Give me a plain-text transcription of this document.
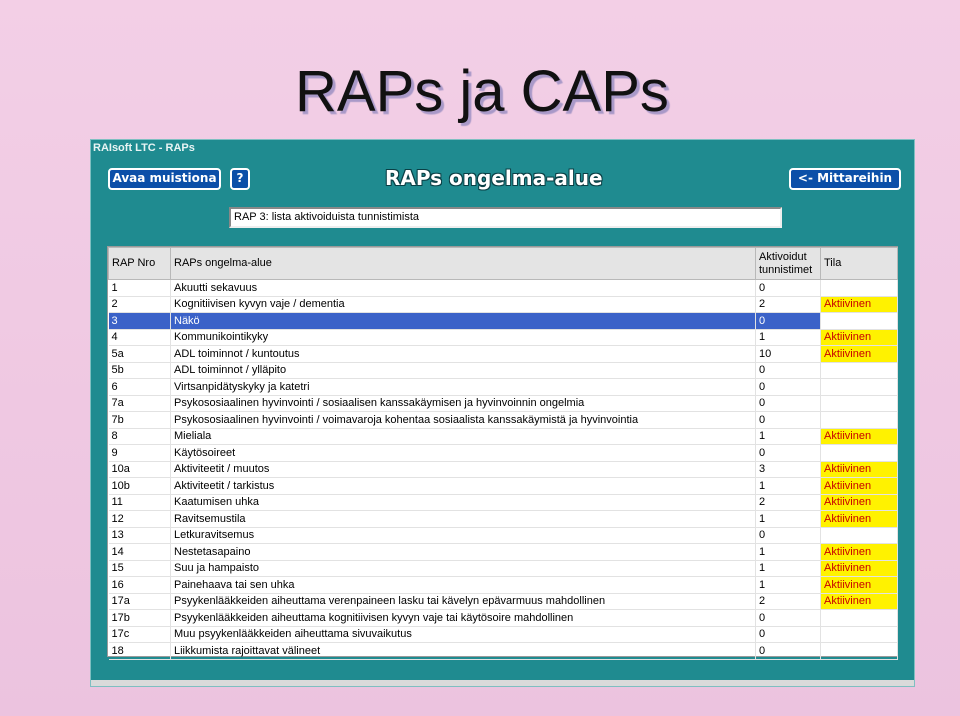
RAPs ja CAPs
RAIsoft LTC - RAPs
Avaa muistiona	?	RAPs ongelma-alue	<- Mittareihin
RAP 3: lista aktivoiduista tunnistimista
RAP Nro	RAPs ongelma-alue	Aktivoidut tunnistimet	Tila
1	Akuutti sekavuus	0	
2	Kognitiivisen kyvyn vaje / dementia	2	Aktiivinen
3	Näkö	0	
4	Kommunikointikyky	1	Aktiivinen
5a	ADL toiminnot / kuntoutus	10	Aktiivinen
5b	ADL toiminnot / ylläpito	0	
6	Virtsanpidätyskyky ja katetri	0	
7a	Psykososiaalinen hyvinvointi / sosiaalisen kanssakäymisen ja hyvinvoinnin ongelmia	0	
7b	Psykososiaalinen hyvinvointi / voimavaroja kohentaa sosiaalista kanssakäymistä ja hyvinvointia	0	
8	Mieliala	1	Aktiivinen
9	Käytösoireet	0	
10a	Aktiviteetit / muutos	3	Aktiivinen
10b	Aktiviteetit / tarkistus	1	Aktiivinen
11	Kaatumisen uhka	2	Aktiivinen
12	Ravitsemustila	1	Aktiivinen
13	Letkuravitsemus	0	
14	Nestetasapaino	1	Aktiivinen
15	Suu ja hampaisto	1	Aktiivinen
16	Painehaava tai sen uhka	1	Aktiivinen
17a	Psyykenlääkkeiden aiheuttama verenpaineen lasku tai kävelyn epävarmuus mahdollinen	2	Aktiivinen
17b	Psyykenlääkkeiden aiheuttama kognitiivisen kyvyn vaje tai käytösoire mahdollinen	0	
17c	Muu psyykenlääkkeiden aiheuttama sivuvaikutus	0	
18	Liikkumista rajoittavat välineet	0	
